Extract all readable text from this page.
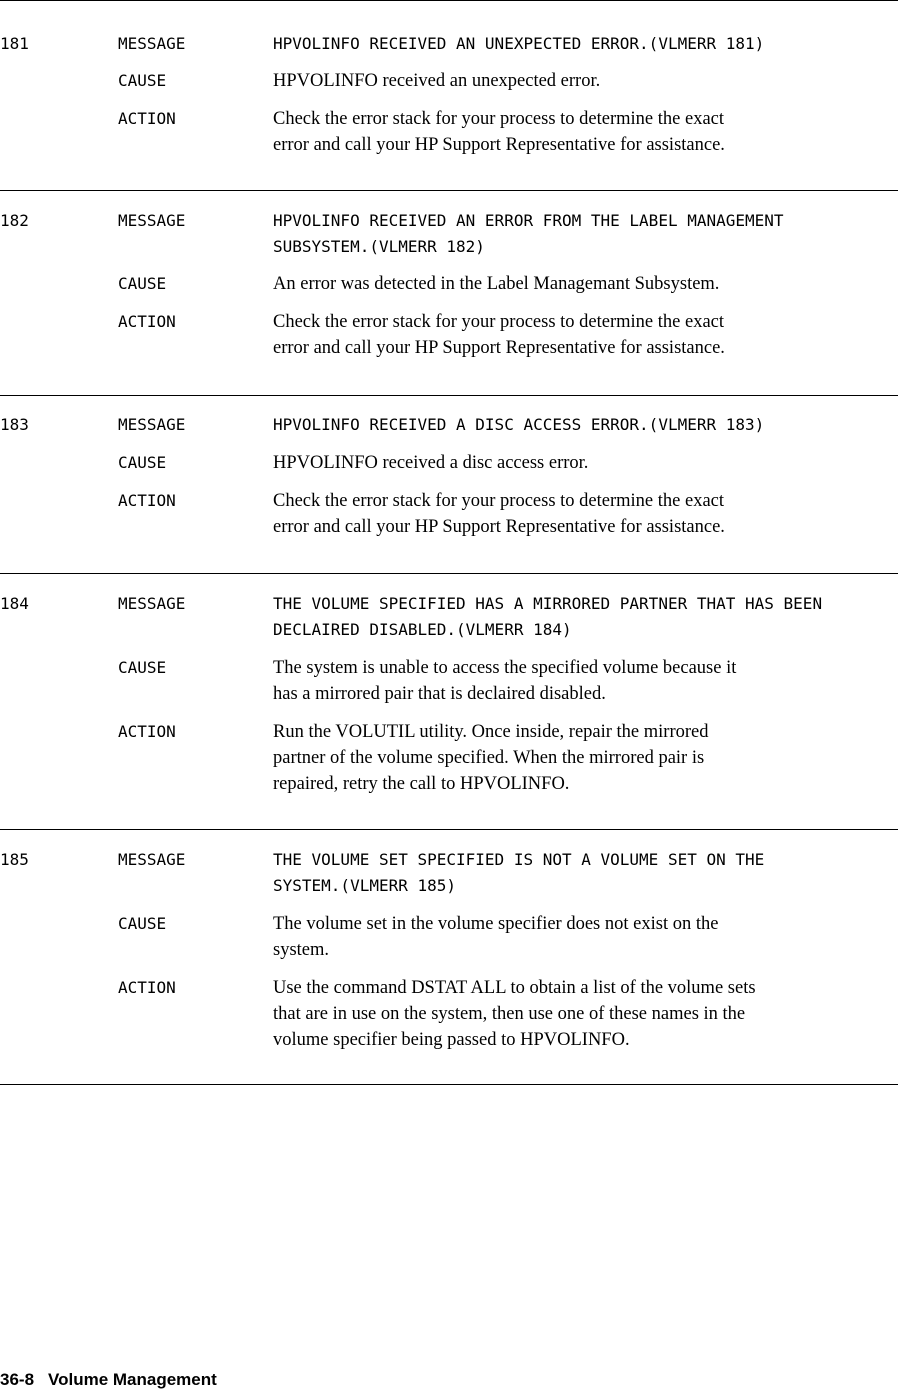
181	MESSAGE	HPVOLINFO RECEIVED AN UNEXPECTED ERROR.(VLMERR 181)
CAUSE	HPVOLINFO received an unexpected error.
ACTION	Check the error stack for your process to determine the exact
error and call your HP Support Representative for assistance.
182	MESSAGE	HPVOLINFO RECEIVED AN ERROR FROM THE LABEL MANAGEMENT
SUBSYSTEM.(VLMERR 182)
CAUSE	An error was detected in the Label Managemant Subsystem.
ACTION	Check the error stack for your process to determine the exact
error and call your HP Support Representative for assistance.
183	MESSAGE	HPVOLINFO RECEIVED A DISC ACCESS ERROR.(VLMERR 183)
CAUSE	HPVOLINFO received a disc access error.
ACTION	Check the error stack for your process to determine the exact
error and call your HP Support Representative for assistance.
184	MESSAGE	THE VOLUME SPECIFIED HAS A MIRRORED PARTNER THAT HAS BEEN
DECLAIRED DISABLED.(VLMERR 184)
CAUSE	The system is unable to access the specified volume because it
has a mirrored pair that is declaired disabled.
ACTION	Run the VOLUTIL utility. Once inside, repair the mirrored
partner of the volume specified. When the mirrored pair is
repaired, retry the call to HPVOLINFO.
185	MESSAGE	THE VOLUME SET SPECIFIED IS NOT A VOLUME SET ON THE
SYSTEM.(VLMERR 185)
CAUSE	The volume set in the volume specifier does not exist on the
system.
ACTION	Use the command DSTAT ALL to obtain a list of the volume sets
that are in use on the system, then use one of these names in the
volume specifier being passed to HPVOLINFO.
36-8 Volume Management
